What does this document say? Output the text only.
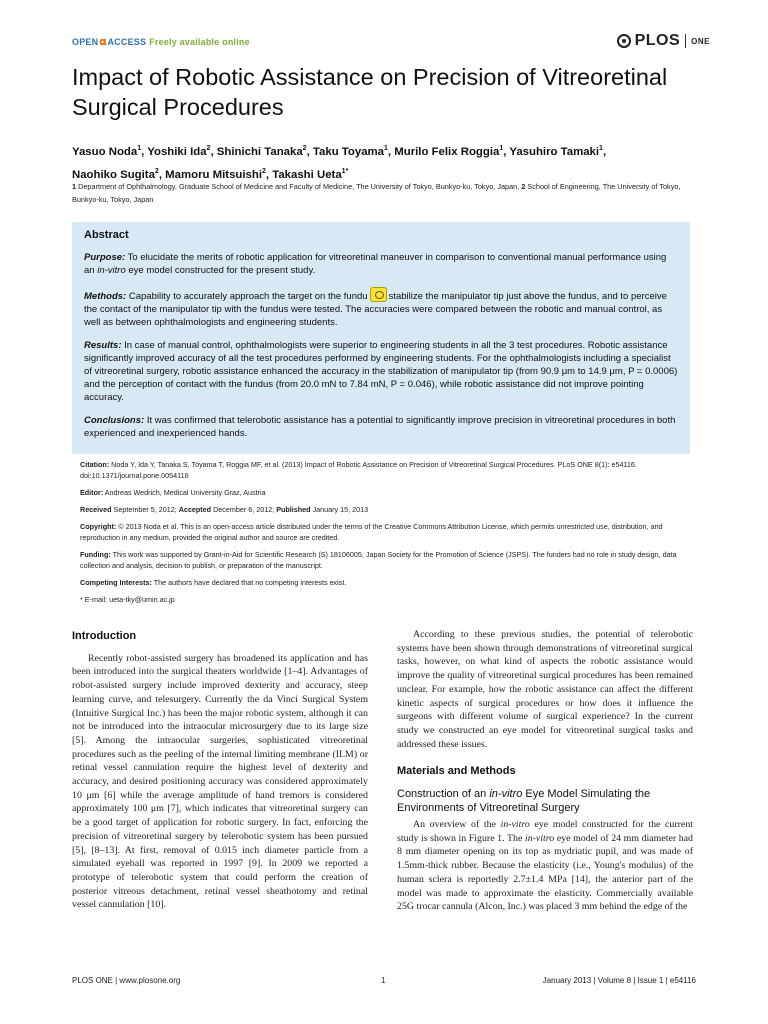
OPEN𝛂ACCESS Freely available online	PLOS ONE
Impact of Robotic Assistance on Precision of Vitreoretinal Surgical Procedures
Yasuo Noda$^1$, Yoshiki Ida$^2$, Shinichi Tanaka$^2$, Taku Toyama$^1$, Murilo Felix Roggia$^1$, Yasuhiro Tamaki$^1$,
Naohiko Sugita$^2$, Mamoru Mitsuishi$^2$, Takashi Ueta$^{1*}$
1 Department of Ophthalmology, Graduate School of Medicine and Faculty of Medicine, The University of Tokyo, Bunkyo-ku, Tokyo, Japan, 2 School of Engineering, The University of Tokyo, Bunkyo-ku, Tokyo, Japan
Abstract

Purpose: To elucidate the merits of robotic application for vitreoretinal maneuver in comparison to conventional manual performance using an in-vitro eye model constructed for the present study.

Methods: Capability to accurately approach the target on the fundu stabilize the manipulator tip just above the fundus, and to perceive the contact of the manipulator tip with the fundus were tested. The accuracies were compared between the robotic and manual control, as well as between ophthalmologists and engineering students.

Results: In case of manual control, ophthalmologists were superior to engineering students in all the 3 test procedures. Robotic assistance significantly improved accuracy of all the test procedures performed by engineering students. For the ophthalmologists including a specialist of vitreoretinal surgery, robotic assistance enhanced the accuracy in the stabilization of manipulator tip (from 90.9 μm to 14.9 μm, P = 0.0006) and the perception of contact with the fundus (from 20.0 mN to 7.84 mN, P = 0.046), while robotic assistance did not improve pointing accuracy.

Conclusions: It was confirmed that telerobotic assistance has a potential to significantly improve precision in vitreoretinal procedures in both experienced and inexperienced hands.

Citation: Noda Y, Ida Y, Tanaka S, Toyama T, Roggia MF, et al. (2013) Impact of Robotic Assistance on Precision of Vitreoretinal Surgical Procedures. PLoS ONE 8(1): e54116. doi:10.1371/journal.pone.0054116

Editor: Andreas Wedrich, Medical University Graz, Austria

Received September 5, 2012; Accepted December 6, 2012; Published January 15, 2013

Copyright: © 2013 Noda et al. This is an open-access article distributed under the terms of the Creative Commons Attribution License, which permits unrestricted use, distribution, and reproduction in any medium, provided the original author and source are credited.

Funding: This work was supported by Grant-in-Aid for Scientific Research (S) 18106005, Japan Society for the Promotion of Science (JSPS). The funders had no role in study design, data collection and analysis, decision to publish, or preparation of the manuscript.

Competing Interests: The authors have declared that no competing interests exist.

* E-mail: ueta-tky@umin.ac.jp

Introduction

Recently robot-assisted surgery has broadened its application and has been introduced into the surgical theaters worldwide [1–4]. Advantages of robot-assisted surgery include improved dexterity and accuracy, steep learning curve, and telesurgery. Currently the da Vinci Surgical System (Intuitive Surgical Inc.) has been the major robotic system, although it can not be introduced into the intraocular microsurgery due to its large size [5]. Among the intraocular surgeries, sophisticated vitreoretinal procedures such as the peeling of the internal limiting membrane (ILM) or retinal vessel cannulation require the highest level of dexterity and accuracy, and desired positioning accuracy was considered approximately 10 μm [6] while the average amplitude of hand tremors is considered approximately 100 μm [7], which indicates that vitreoretinal surgery can be a good target of application for robotic surgery. In fact, enforcing the precision of vitreoretinal surgery by telerobotic system has been pursued [5], [8–13]. At first, removal of 0.015 inch diameter particle from a simulated eyeball was reported in 1997 [9]. In 2009 we reported a prototype of telerobotic system that could perform the creation of posterior vitreous detachment, retinal vessel sheathotomy and retinal vessel cannulation [10].

According to these previous studies, the potential of telerobotic systems have been shown through demonstrations of vitreoretinal surgical tasks, however, on what kind of aspects the robotic assistance would improve the quality of vitreoretinal surgical procedures has been remained unclear. For example, how the robotic assistance can affect the different kinetic aspects of surgical procedures or how does it influence the surgeons with different volume of surgical experience? In the current study we constructed an eye model for vitreoretinal surgical tasks and addressed these issues.

Materials and Methods
Construction of an in-vitro Eye Model Simulating the Environments of Vitreoretinal Surgery

An overview of the in-vitro eye model constructed for the current study is shown in Figure 1. The in-vitro eye model of 24 mm diameter had 8 mm diameter opening on its top as mydriatic pupil, and was made of 1.5mm-thick rubber. Because the elasticity (i.e., Young's modulus) of the human sclera is reportedly 2.7±1.4 MPa [14], the anterior part of the model was made to approximate the elasticity. Commercially available 25G trocar cannula (Alcon, Inc.) was placed 3 mm behind the edge of the

PLOS ONE | www.plosone.org	1	January 2013 | Volume 8 | Issue 1 | e54116
